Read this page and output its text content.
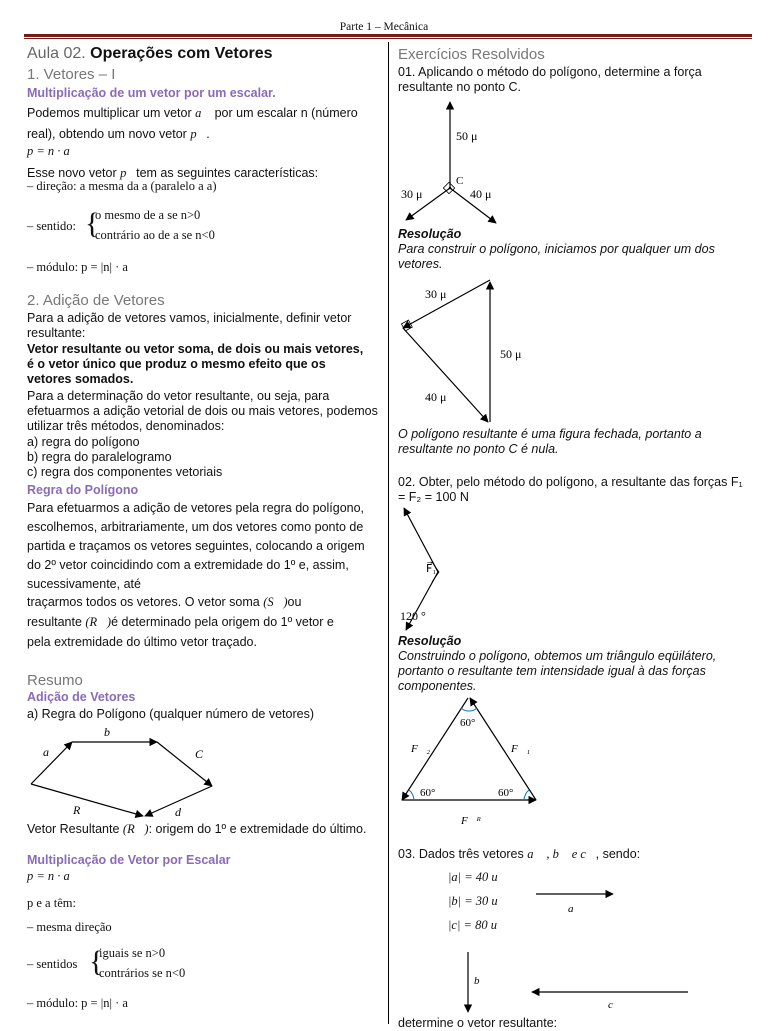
Parte 1 – Mecânica
Aula 02. Operações com Vetores
1. Vetores – I
Multiplicação de um vetor por um escalar.

Podemos multiplicar um vetor a⃗ por um escalar n (número

real), obtendo um novo vetor p⃗.

p = n · a
Esse novo vetor p⃗tem as seguintes características:
– direção: a mesma da a (paralelo a a)
– sentido: {
o mesmo de a se n>0
contrário ao de a se n<0
– módulo: p = |n| · a
2. Adição de Vetores
Para a adição de vetores vamos, inicialmente, definir vetor resultante:
Vetor resultante ou vetor soma, de dois ou mais vetores, é o vetor único que produz o mesmo efeito que os vetores somados.
Para a determinação do vetor resultante, ou seja, para efetuarmos a adição vetorial de dois ou mais vetores, podemos utilizar três métodos, denominados:
a) regra do polígono
b) regra do paralelogramo
c) regra dos componentes vetoriais
Regra do Polígono
Para efetuarmos a adição de vetores pela regra do polígono, escolhemos, arbitrariamente, um dos vetores como ponto de partida e traçamos os vetores seguintes, colocando a origem do 2º vetor coincidindo com a extremidade do 1º e, assim, sucessivamente, até
traçarmos todos os vetores. O vetor soma (S⃗)ou
resultante (R⃗)é determinado pela origem do 1º vetor e
pela extremidade do último vetor traçado.
Resumo
Adição de Vetores
a) Regra do Polígono (qualquer número de vetores)
a⃗
b⃗
C
d⃗
R⃗
Vetor Resultante (R⃗): origem do 1º e extremidade do último.
Multiplicação de Vetor por Escalar
p = n · a
p e a têm:
– mesma direção
– sentidos {
iguais se n>0
contrários se n<0
– módulo: p = |n| · a
Exercícios Resolvidos
01. Aplicando o método do polígono, determine a força resultante no ponto C.
50 μ
30 μ	40 μ
C
Resolução
Para construir o polígono, iniciamos por qualquer um dos vetores.
30 μ
40 μ
50 μ
O polígono resultante é uma figura fechada, portanto a resultante no ponto C é nula.
02. Obter, pelo método do polígono, a resultante das forças F₁ = F₂ = 100 N
F⃗₁
120 °
Resolução
Construindo o polígono, obtemos um triângulo eqüilátero, portanto o resultante tem intensidade igual à das forças componentes.
60°
60°	60°
F⃗₂	F⃗₁
F⃗ᴿ
03. Dados três vetores a⃗ , b⃗ e c⃗, sendo:
|a| = 40 u
|b| = 30 u
|c| = 80 u
a⃗
b⃗
c⃗
determine o vetor resultante:
